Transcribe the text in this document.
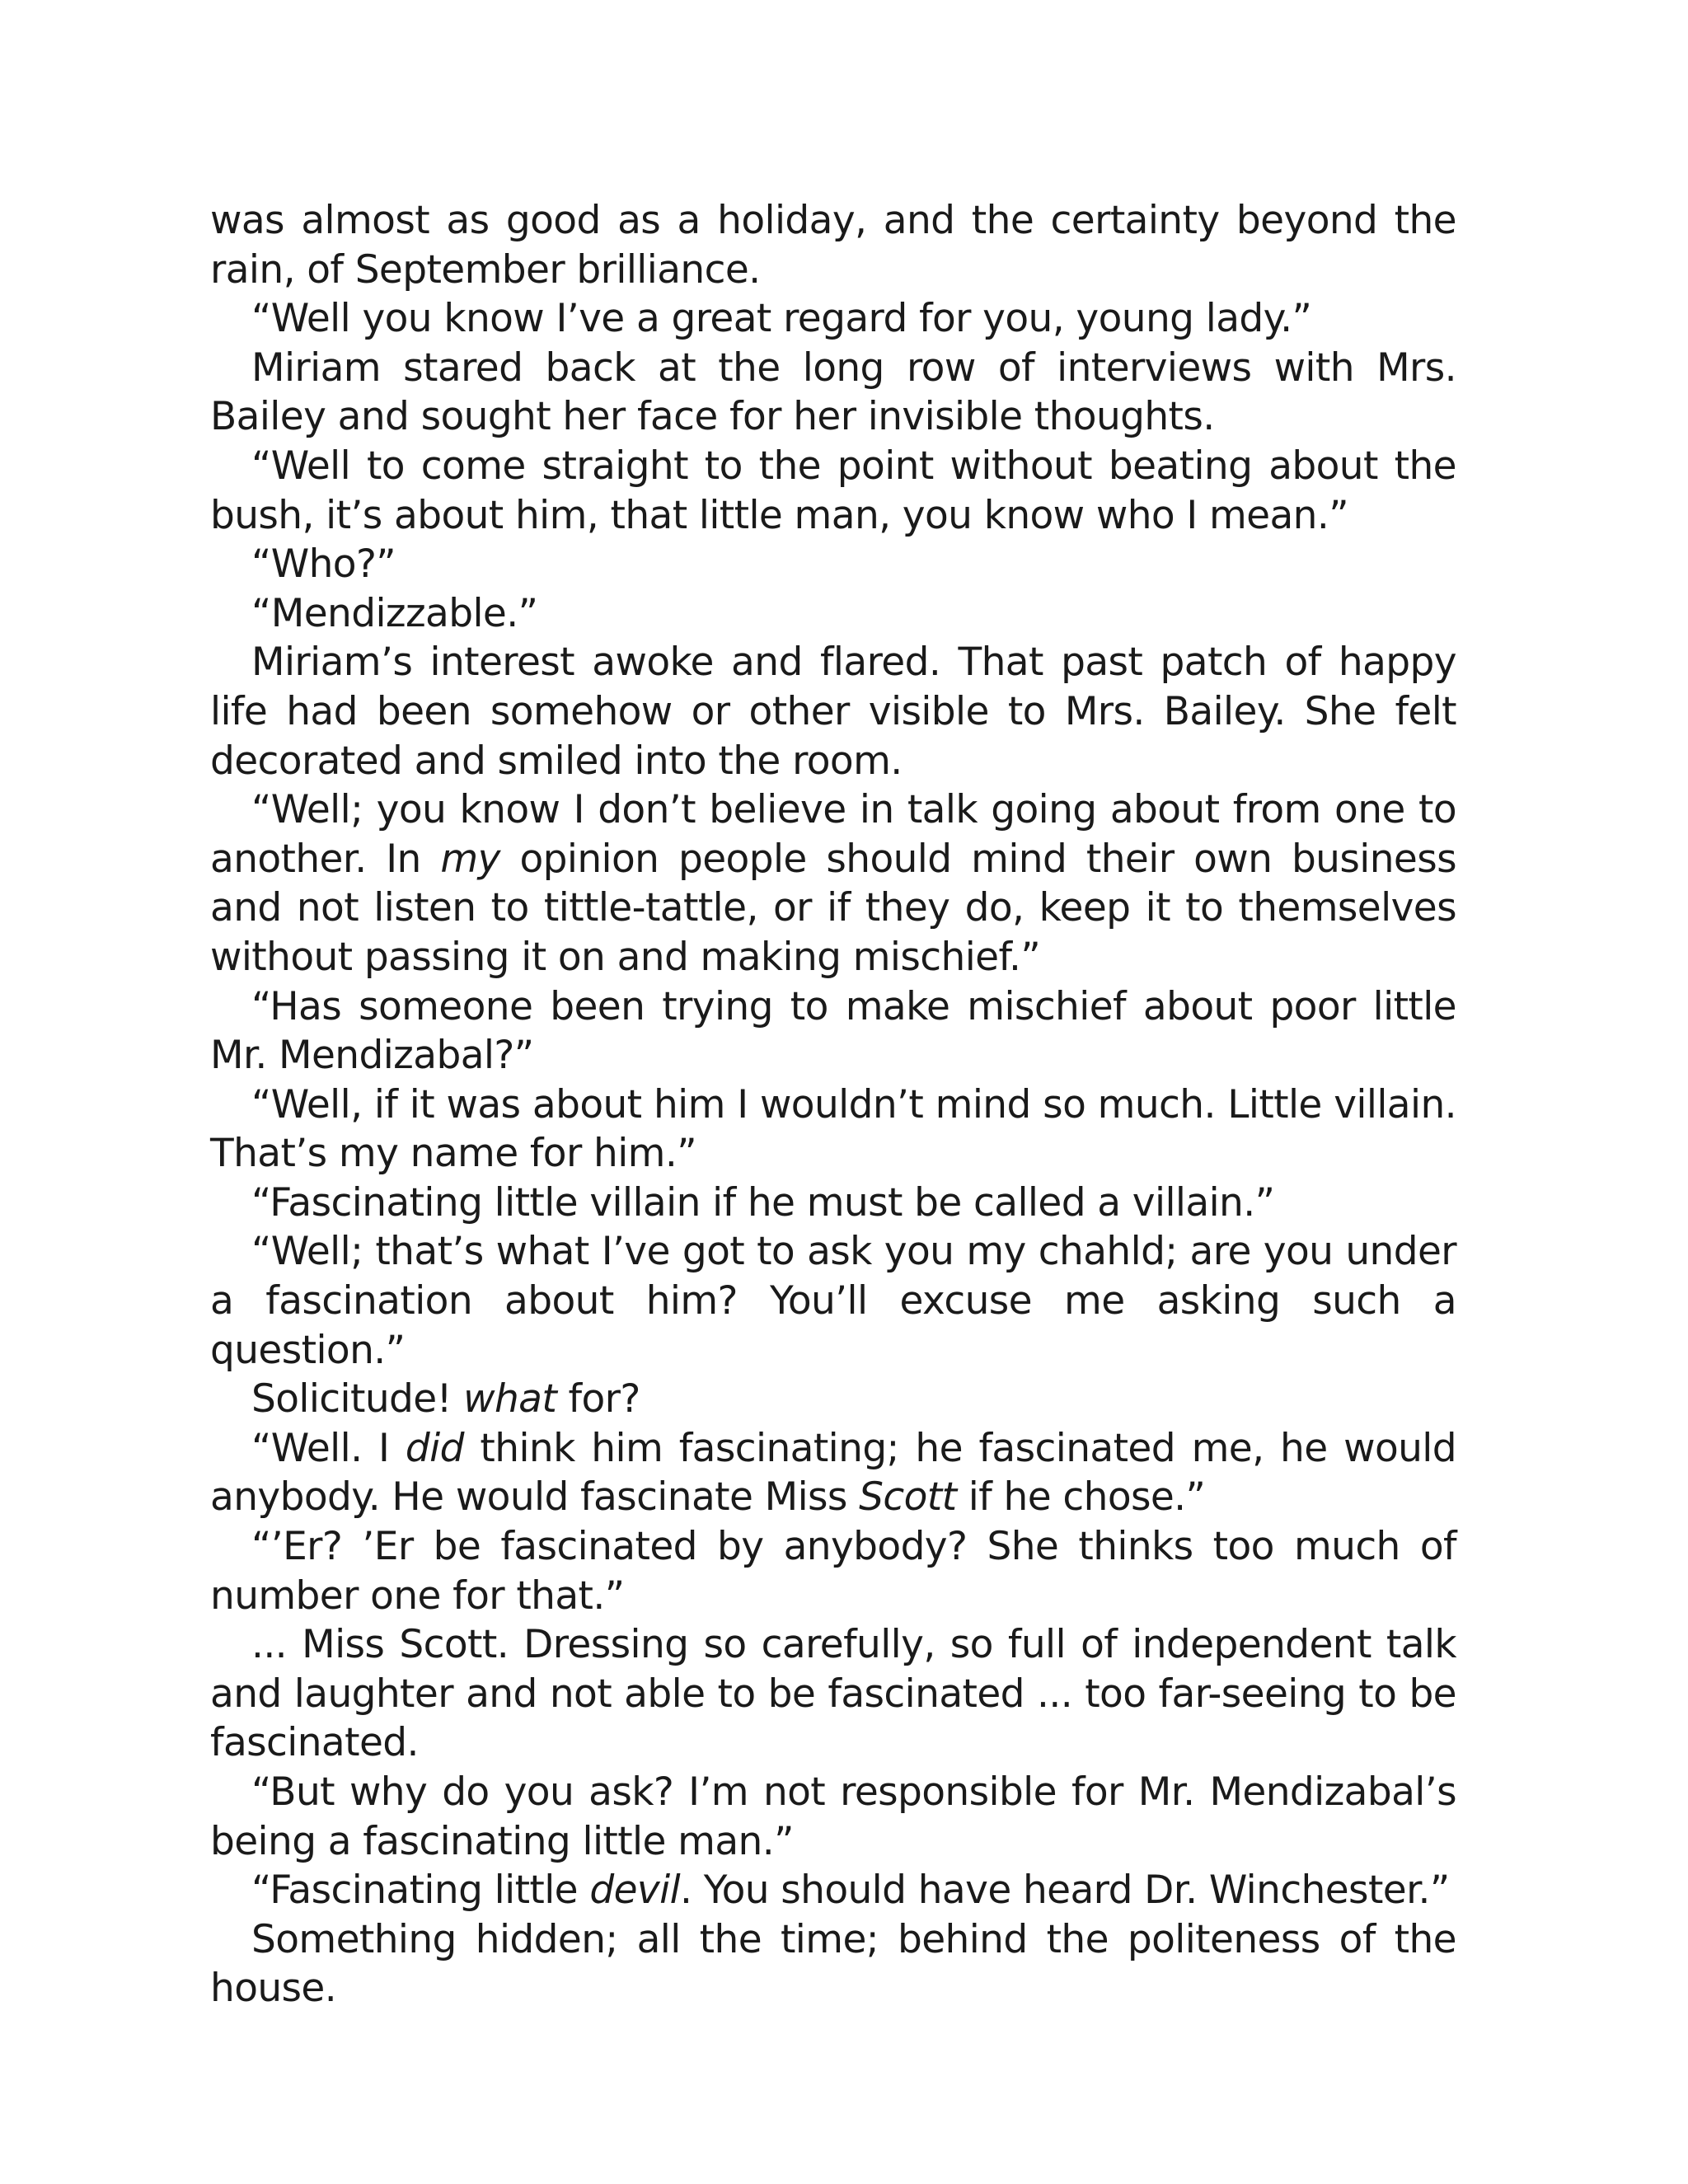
was almost as good as a holiday, and the certainty beyond the rain, of September brilliance.

“Well you know I’ve a great regard for you, young lady.”

Miriam stared back at the long row of interviews with Mrs. Bailey and sought her face for her invisible thoughts.

“Well to come straight to the point without beating about the bush, it’s about him, that little man, you know who I mean.”

“Who?”

“Mendizzable.”

Miriam’s interest awoke and flared. That past patch of happy life had been somehow or other visible to Mrs. Bailey. She felt decorated and smiled into the room.

“Well; you know I don’t believe in talk going about from one to another. In my opinion people should mind their own business and not listen to tittle-tattle, or if they do, keep it to themselves without passing it on and making mischief.”

“Has someone been trying to make mischief about poor little Mr. Mendizabal?”

“Well, if it was about him I wouldn’t mind so much. Little villain. That’s my name for him.”

“Fascinating little villain if he must be called a villain.”

“Well; that’s what I’ve got to ask you my chahld; are you under a fascination about him? You’ll excuse me asking such a question.”

Solicitude! what for?

“Well. I did think him fascinating; he fascinated me, he would anybody. He would fascinate Miss Scott if he chose.”

“’Er? ’Er be fascinated by anybody? She thinks too much of number one for that.”

... Miss Scott. Dressing so carefully, so full of independent talk and laughter and not able to be fascinated ... too far-seeing to be fascinated.

“But why do you ask? I’m not responsible for Mr. Mendizabal’s being a fascinating little man.”

“Fascinating little devil. You should have heard Dr. Winchester.”

Something hidden; all the time; behind the politeness of the house.
